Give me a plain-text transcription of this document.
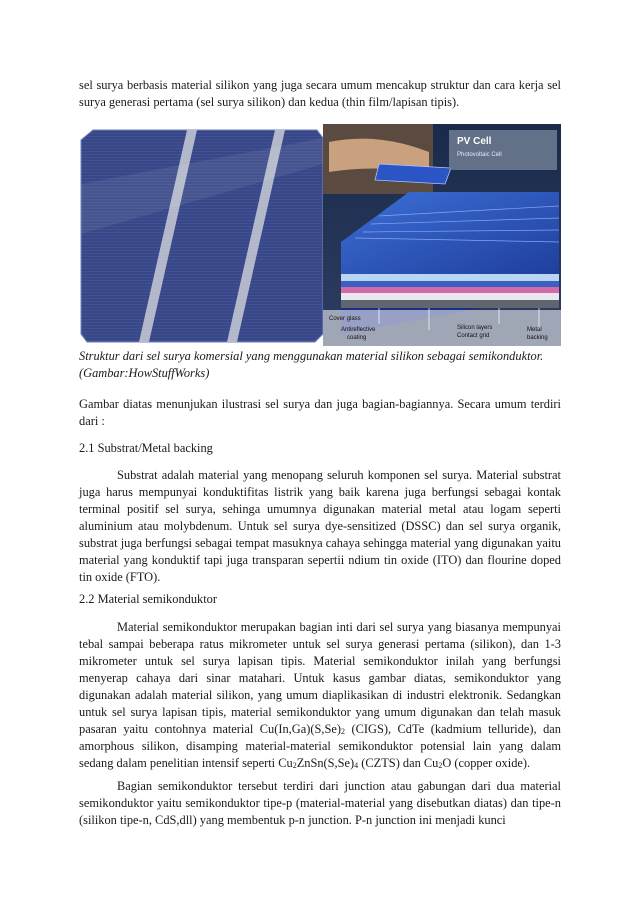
sel surya berbasis material silikon yang juga secara umum mencakup struktur dan cara kerja sel surya generasi pertama (sel surya silikon) dan kedua (thin film/lapisan tipis).

PV Cell
Photovoltaic Cell
Cover glass
Antireflective
coating
Silicon layers
Contact grid
Metal
backing

Struktur dari sel surya komersial yang menggunakan material silikon sebagai semikonduktor. (Gambar:HowStuffWorks)

Gambar diatas menunjukan ilustrasi sel surya dan juga bagian-bagiannya. Secara umum terdiri dari :

2.1 Substrat/Metal backing

Substrat adalah material yang menopang seluruh komponen sel surya. Material substrat juga harus mempunyai konduktifitas listrik yang baik karena juga berfungsi sebagai kontak terminal positif sel surya, sehinga umumnya digunakan material metal atau logam seperti aluminium atau molybdenum. Untuk sel surya dye-sensitized (DSSC) dan sel surya organik, substrat juga berfungsi sebagai tempat masuknya cahaya sehingga material yang digunakan yaitu material yang konduktif tapi juga transparan sepertii ndium tin oxide (ITO) dan flourine doped tin oxide (FTO).

2.2 Material semikonduktor

Material semikonduktor merupakan bagian inti dari sel surya yang biasanya mempunyai tebal sampai beberapa ratus mikrometer untuk sel surya generasi pertama (silikon), dan 1-3 mikrometer untuk sel surya lapisan tipis. Material semikonduktor inilah yang berfungsi menyerap cahaya dari sinar matahari. Untuk kasus gambar diatas, semikonduktor yang digunakan adalah material silikon, yang umum diaplikasikan di industri elektronik. Sedangkan untuk sel surya lapisan tipis, material semikonduktor yang umum digunakan dan telah masuk pasaran yaitu contohnya material $Cu(In,Ga)(S,Se)_2$ (CIGS), CdTe (kadmium telluride), dan amorphous silikon, disamping material-material semikonduktor potensial lain yang dalam sedang dalam penelitian intensif seperti $Cu_2ZnSn(S,Se)_4$ (CZTS) dan $Cu_2O$ (copper oxide).

Bagian semikonduktor tersebut terdiri dari junction atau gabungan dari dua material semikonduktor yaitu semikonduktor tipe-p (material-material yang disebutkan diatas) dan tipe-n (silikon tipe-n, CdS,dll) yang membentuk p-n junction. P-n junction ini menjadi kunci
